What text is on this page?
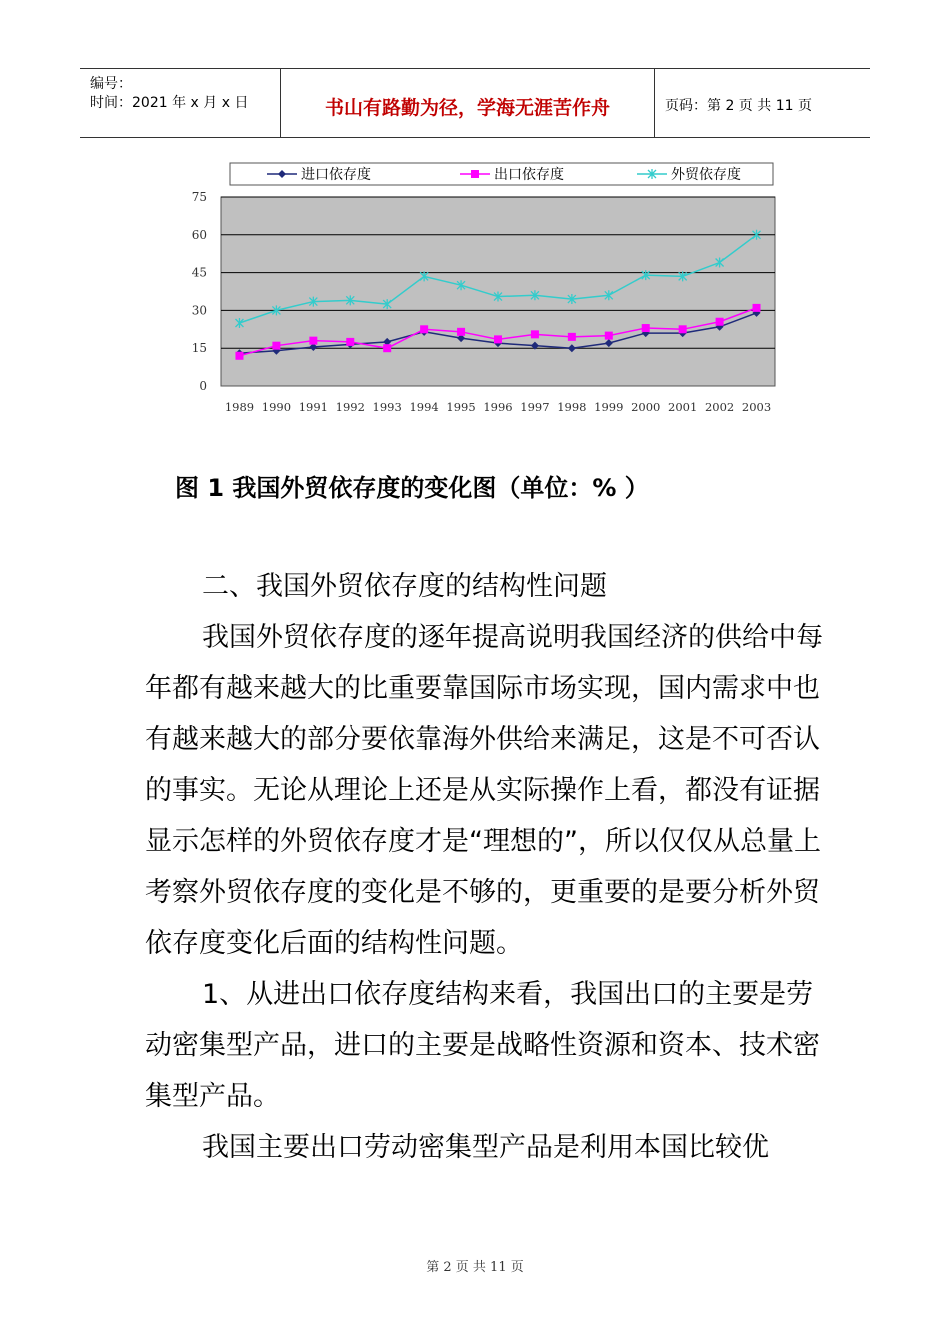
编号：
时间：2021 年 x 月 x 日	书山有路勤为径，学海无涯苦作舟	页码：第 2 页 共 11 页
进口依存度	出口依存度	外贸依存度
0
15
30
45
60
75
1989 1990 1991 1992 1993 1994 1995 1996 1997 1998 1999 2000 2001 2002 2003
图 1 我国外贸依存度的变化图（单位：% ）

二、我国外贸依存度的结构性问题

我国外贸依存度的逐年提高说明我国经济的供给中每年都有越来越大的比重要靠国际市场实现，国内需求中也有越来越大的部分要依靠海外供给来满足，这是不可否认的事实。无论从理论上还是从实际操作上看，都没有证据显示怎样的外贸依存度才是“理想的”，所以仅仅从总量上考察外贸依存度的变化是不够的，更重要的是要分析外贸依存度变化后面的结构性问题。

1、从进出口依存度结构来看，我国出口的主要是劳动密集型产品，进口的主要是战略性资源和资本、技术密集型产品。

我国主要出口劳动密集型产品是利用本国比较优

第 2 页 共 11 页
